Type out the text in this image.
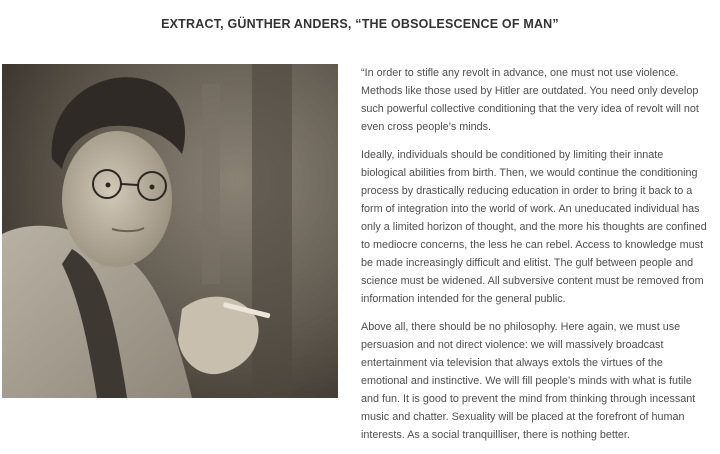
EXTRACT, GÜNTHER ANDERS, “THE OBSOLESCENCE OF MAN”

“In order to stifle any revolt in advance, one must not use violence. Methods like those used by Hitler are outdated. You need only develop such powerful collective conditioning that the very idea of revolt will not even cross people’s minds.

Ideally, individuals should be conditioned by limiting their innate biological abilities from birth. Then, we would continue the conditioning process by drastically reducing education in order to bring it back to a form of integration into the world of work. An uneducated individual has only a limited horizon of thought, and the more his thoughts are confined to mediocre concerns, the less he can rebel. Access to knowledge must be made increasingly difficult and elitist. The gulf between people and science must be widened. All subversive content must be removed from information intended for the general public.

Above all, there should be no philosophy. Here again, we must use persuasion and not direct violence: we will massively broadcast entertainment via television that always extols the virtues of the emotional and instinctive. We will fill people’s minds with what is futile and fun. It is good to prevent the mind from thinking through incessant music and chatter. Sexuality will be placed at the forefront of human interests. As a social tranquilliser, there is nothing better.
